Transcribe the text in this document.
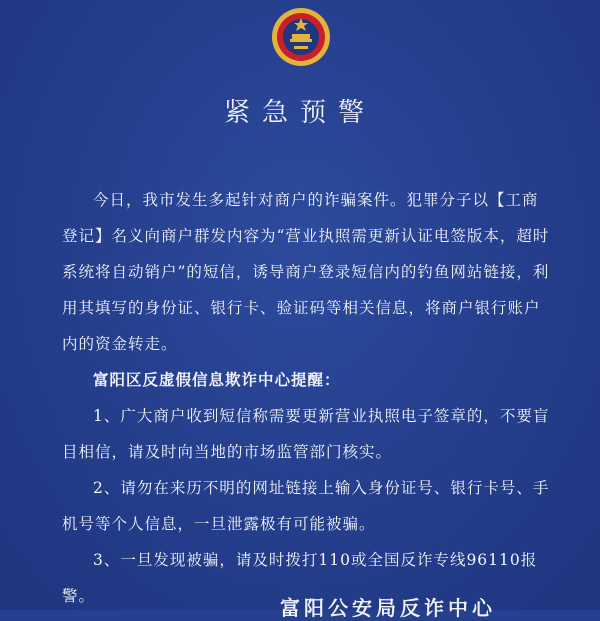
紧急预警

今日，我市发生多起针对商户的诈骗案件。犯罪分子以【工商登记】名义向商户群发内容为“营业执照需更新认证电签版本，超时系统将自动销户”的短信，诱导商户登录短信内的钓鱼网站链接，利用其填写的身份证、银行卡、验证码等相关信息，将商户银行账户内的资金转走。

富阳区反虚假信息欺诈中心提醒：

1、广大商户收到短信称需要更新营业执照电子签章的，不要盲目相信，请及时向当地的市场监管部门核实。

2、请勿在来历不明的网址链接上输入身份证号、银行卡号、手机号等个人信息，一旦泄露极有可能被骗。

3、一旦发现被骗，请及时拨打110或全国反诈专线96110报警。	富阳公安局反诈中心
